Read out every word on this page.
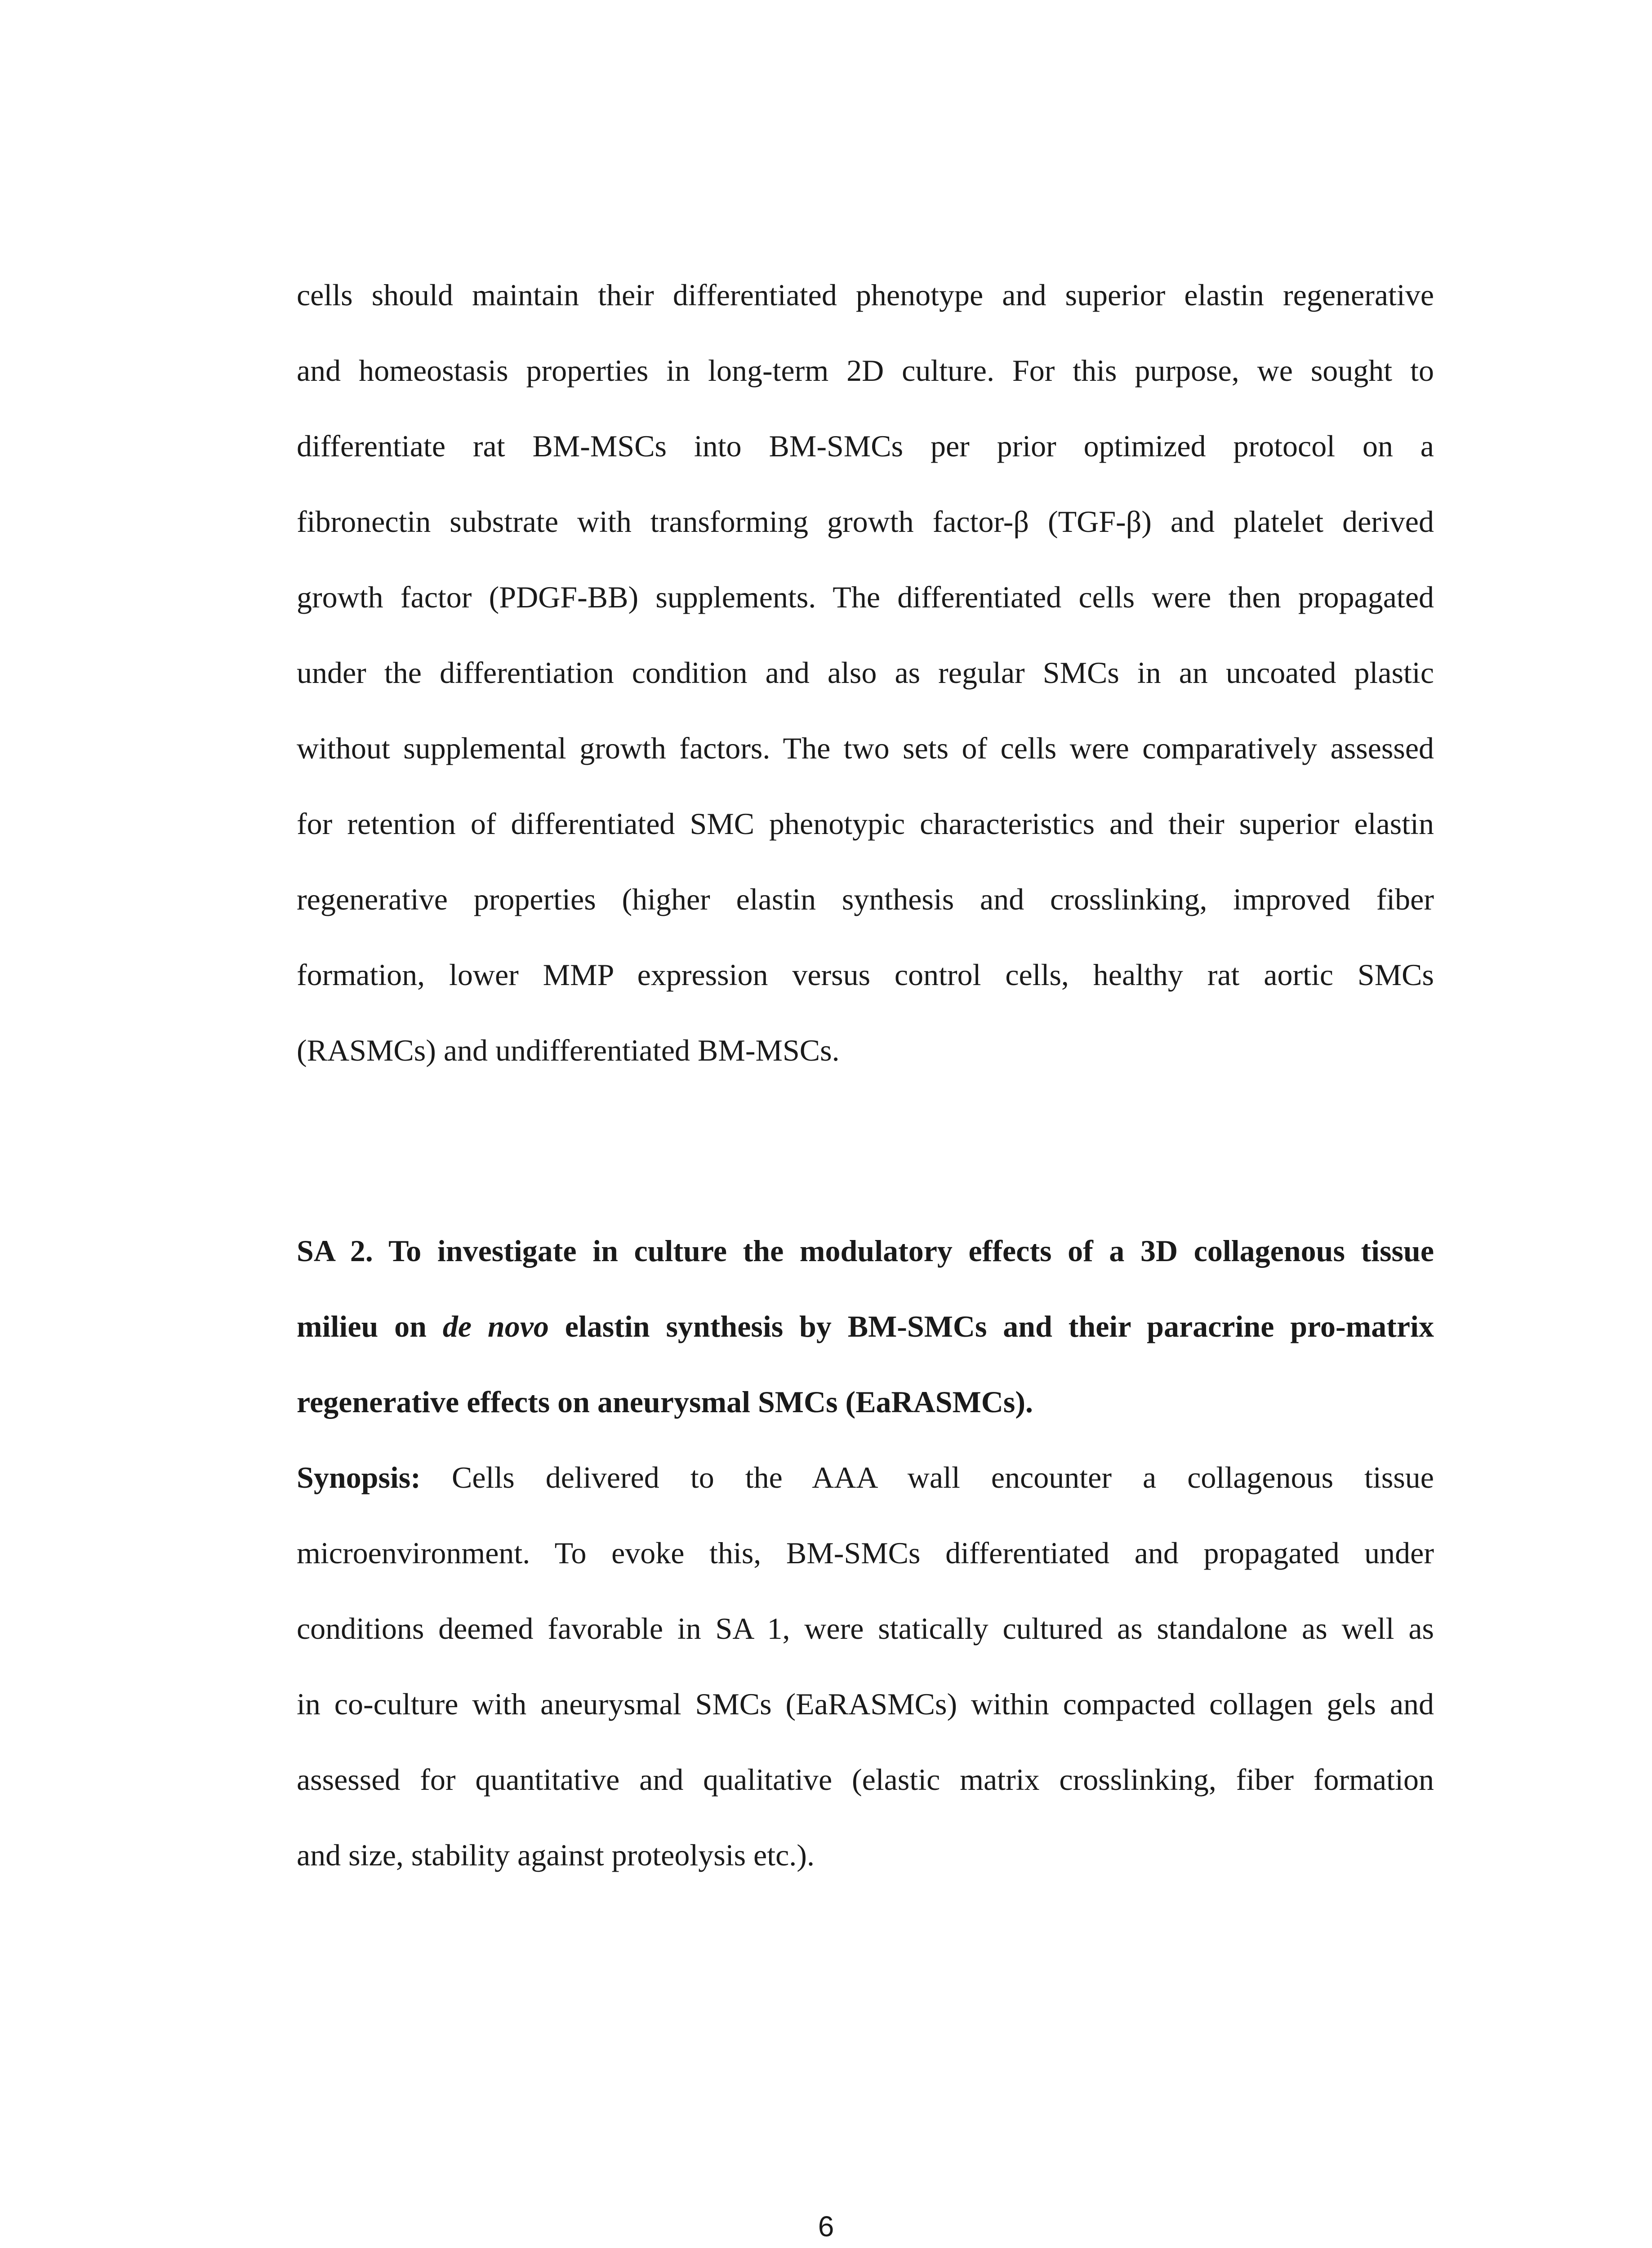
cells should maintain their differentiated phenotype and superior elastin regenerative
and homeostasis properties in long-term 2D culture. For this purpose, we sought to
differentiate rat BM-MSCs into BM-SMCs per prior optimized protocol on a
fibronectin substrate with transforming growth factor-β (TGF-β) and platelet derived
growth factor (PDGF-BB) supplements. The differentiated cells were then propagated
under the differentiation condition and also as regular SMCs in an uncoated plastic
without supplemental growth factors. The two sets of cells were comparatively assessed
for retention of differentiated SMC phenotypic characteristics and their superior elastin
regenerative properties (higher elastin synthesis and crosslinking, improved fiber
formation, lower MMP expression versus control cells, healthy rat aortic SMCs
(RASMCs) and undifferentiated BM-MSCs.
SA 2. To investigate in culture the modulatory effects of a 3D collagenous tissue
milieu on de novo elastin synthesis by BM-SMCs and their paracrine pro-matrix
regenerative effects on aneurysmal SMCs (EaRASMCs).
Synopsis: Cells delivered to the AAA wall encounter a collagenous tissue
microenvironment. To evoke this, BM-SMCs differentiated and propagated under
conditions deemed favorable in SA 1, were statically cultured as standalone as well as
in co-culture with aneurysmal SMCs (EaRASMCs) within compacted collagen gels and
assessed for quantitative and qualitative (elastic matrix crosslinking, fiber formation
and size, stability against proteolysis etc.).
6
